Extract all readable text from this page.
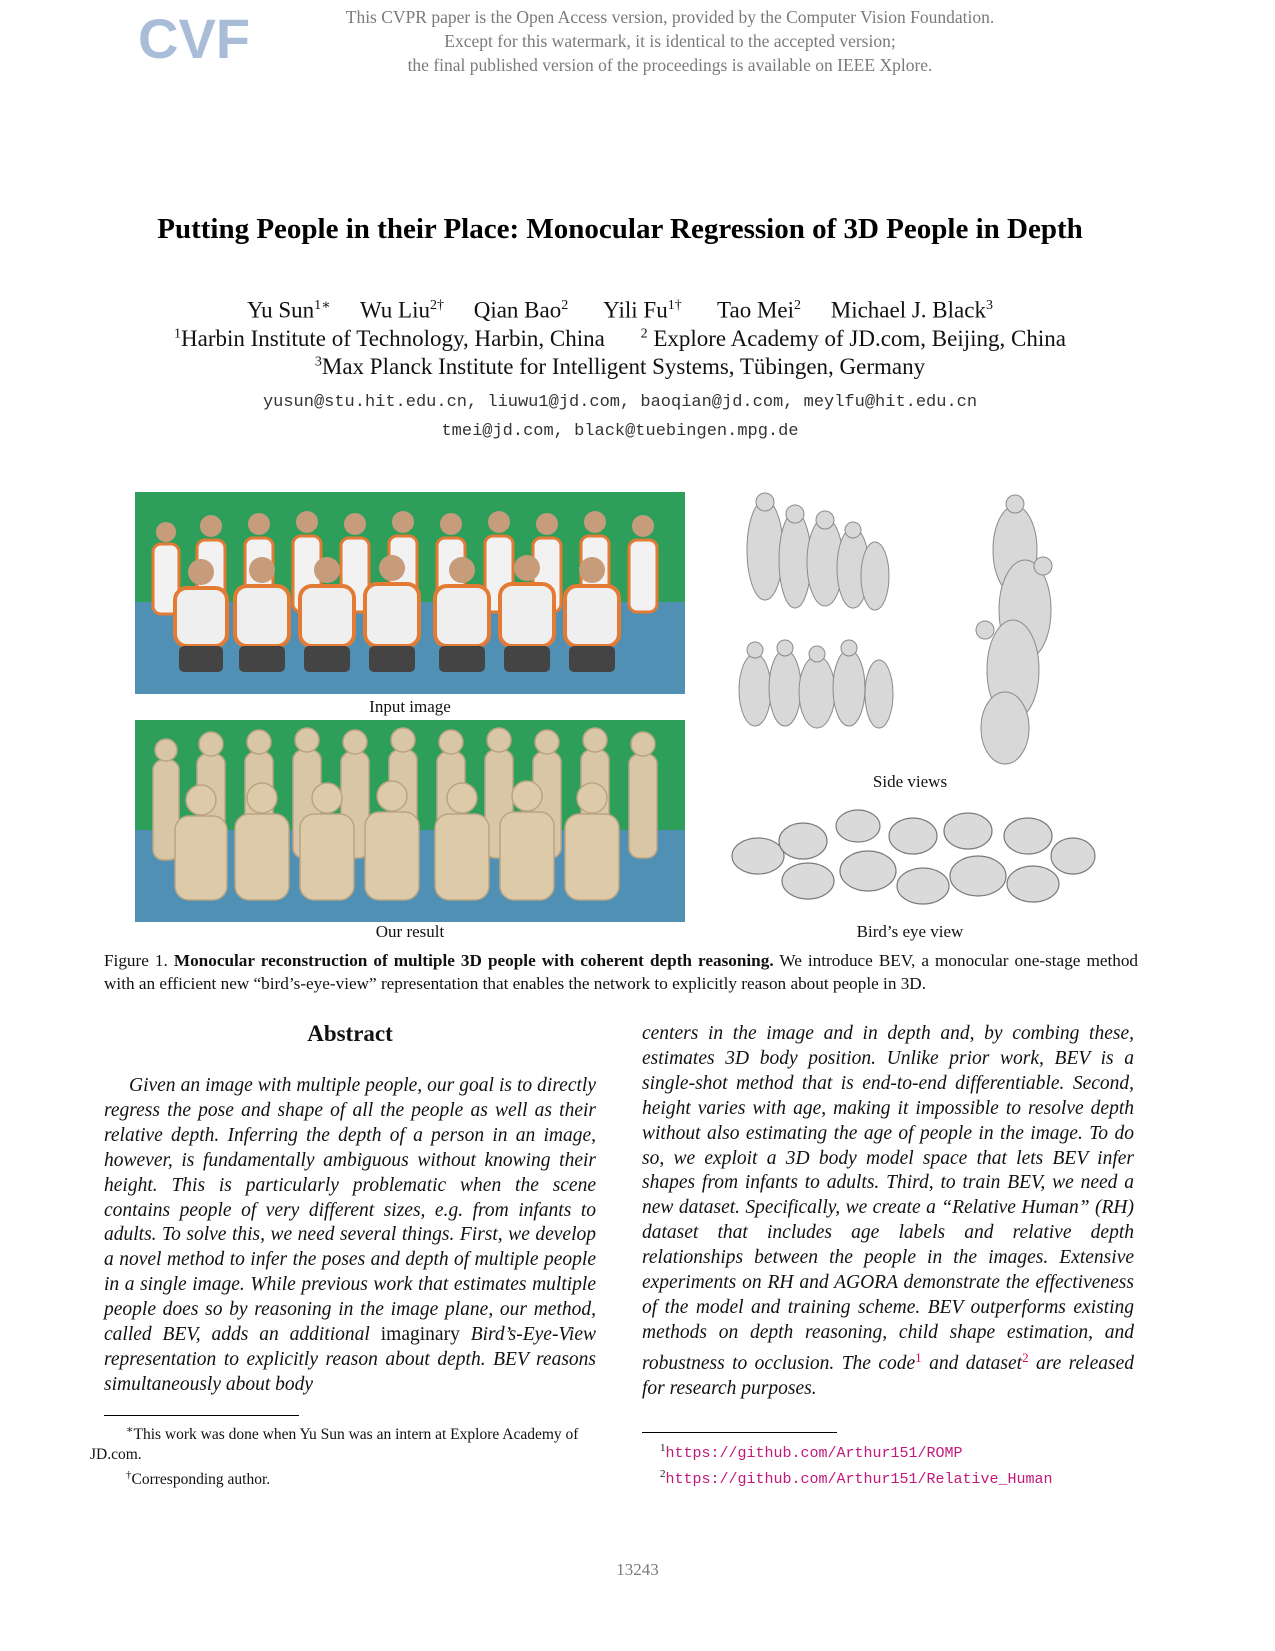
CVF	This CVPR paper is the Open Access version, provided by the Computer Vision Foundation.
Except for this watermark, it is identical to the accepted version;
the final published version of the proceedings is available on IEEE Xplore.
Putting People in their Place: Monocular Regression of 3D People in Depth
Yu Sun$^{1∗}$ Wu Liu$^{2\dagger}$ Qian Bao$^2$ Yili $Fu^{1\dagger}$ Tao Mei$^2$ Michael J. Black$^3$
$^1$Harbin Institute of Technology, Harbin, China	$^2$ Explore Academy of JD.com, Beijing, China
$^3$Max Planck Institute for Intelligent Systems, Tübingen, Germany
yusun@stu.hit.edu.cn, liuwu1@jd.com, baoqian@jd.com, meylfu@hit.edu.cn
tmei@jd.com, black@tuebingen.mpg.de
Input image
Our result
Side views
Bird’s eye view
Figure 1. Monocular reconstruction of multiple 3D people with coherent depth reasoning. We introduce BEV, a monocular one-stage method with an efficient new “bird’s-eye-view” representation that enables the network to explicitly reason about people in 3D.
Abstract
Given an image with multiple people, our goal is to directly regress the pose and shape of all the people as well as their relative depth. Inferring the depth of a person in an image, however, is fundamentally ambiguous without knowing their height. This is particularly problematic when the scene contains people of very different sizes, e.g. from infants to adults. To solve this, we need several things. First, we develop a novel method to infer the poses and depth of multiple people in a single image. While previous work that estimates multiple people does so by reasoning in the image plane, our method, called BEV, adds an additional imaginary Bird’s-Eye-View representation to explicitly reason about depth. BEV reasons simultaneously about body
centers in the image and in depth and, by combing these, estimates 3D body position. Unlike prior work, BEV is a single-shot method that is end-to-end differentiable. Second, height varies with age, making it impossible to resolve depth without also estimating the age of people in the image. To do so, we exploit a 3D body model space that lets BEV infer shapes from infants to adults. Third, to train BEV, we need a new dataset. Specifically, we create a “Relative Human” (RH) dataset that includes age labels and relative depth relationships between the people in the images. Extensive experiments on RH and AGORA demonstrate the effectiveness of the model and training scheme. BEV outperforms existing methods on depth reasoning, child shape estimation, and robustness to occlusion. The code$^1$ and dataset$^2$ are released for research purposes.
∗This work was done when Yu Sun was an intern at Explore Academy of JD.com.
†Corresponding author.
$^1$https://github.com/Arthur151/ROMP
$^2$https://github.com/Arthur151/Relative_Human
13243
